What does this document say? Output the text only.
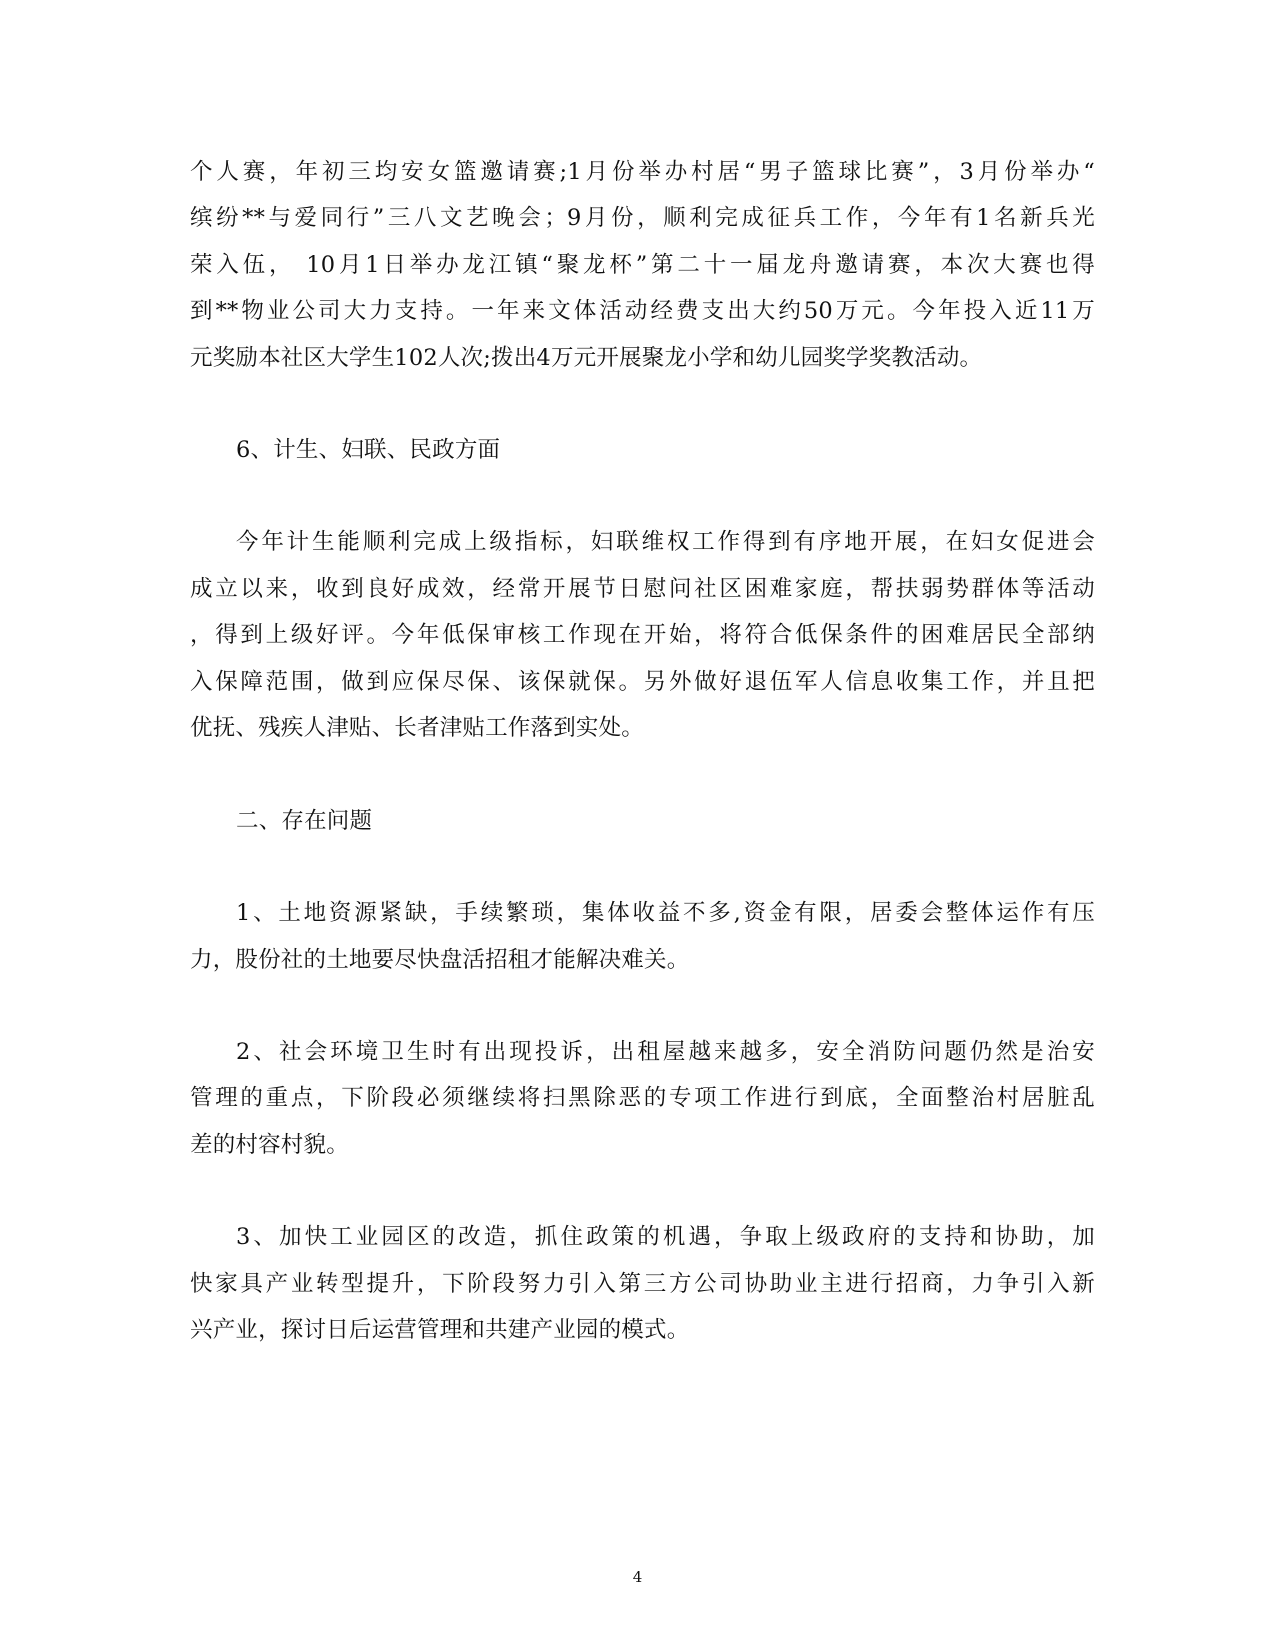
个人赛，年初三均安女篮邀请赛;1月份举办村居“男子篮球比赛”，3月份举办“
缤纷**与爱同行”三八文艺晚会；9月份，顺利完成征兵工作，今年有1名新兵光
荣入伍， 10月1日举办龙江镇“聚龙杯”第二十一届龙舟邀请赛，本次大赛也得
到**物业公司大力支持。一年来文体活动经费支出大约50万元。今年投入近11万
元奖励本社区大学生102人次;拨出4万元开展聚龙小学和幼儿园奖学奖教活动。
6、计生、妇联、民政方面
今年计生能顺利完成上级指标，妇联维权工作得到有序地开展，在妇女促进会
成立以来，收到良好成效，经常开展节日慰问社区困难家庭，帮扶弱势群体等活动
，得到上级好评。今年低保审核工作现在开始，将符合低保条件的困难居民全部纳
入保障范围，做到应保尽保、该保就保。另外做好退伍军人信息收集工作，并且把
优抚、残疾人津贴、长者津贴工作落到实处。
二、存在问题
1、土地资源紧缺，手续繁琐，集体收益不多,资金有限，居委会整体运作有压
力，股份社的土地要尽快盘活招租才能解决难关。
2、社会环境卫生时有出现投诉，出租屋越来越多，安全消防问题仍然是治安
管理的重点，下阶段必须继续将扫黑除恶的专项工作进行到底，全面整治村居脏乱
差的村容村貌。
3、加快工业园区的改造，抓住政策的机遇，争取上级政府的支持和协助，加
快家具产业转型提升，下阶段努力引入第三方公司协助业主进行招商，力争引入新
兴产业，探讨日后运营管理和共建产业园的模式。
4
